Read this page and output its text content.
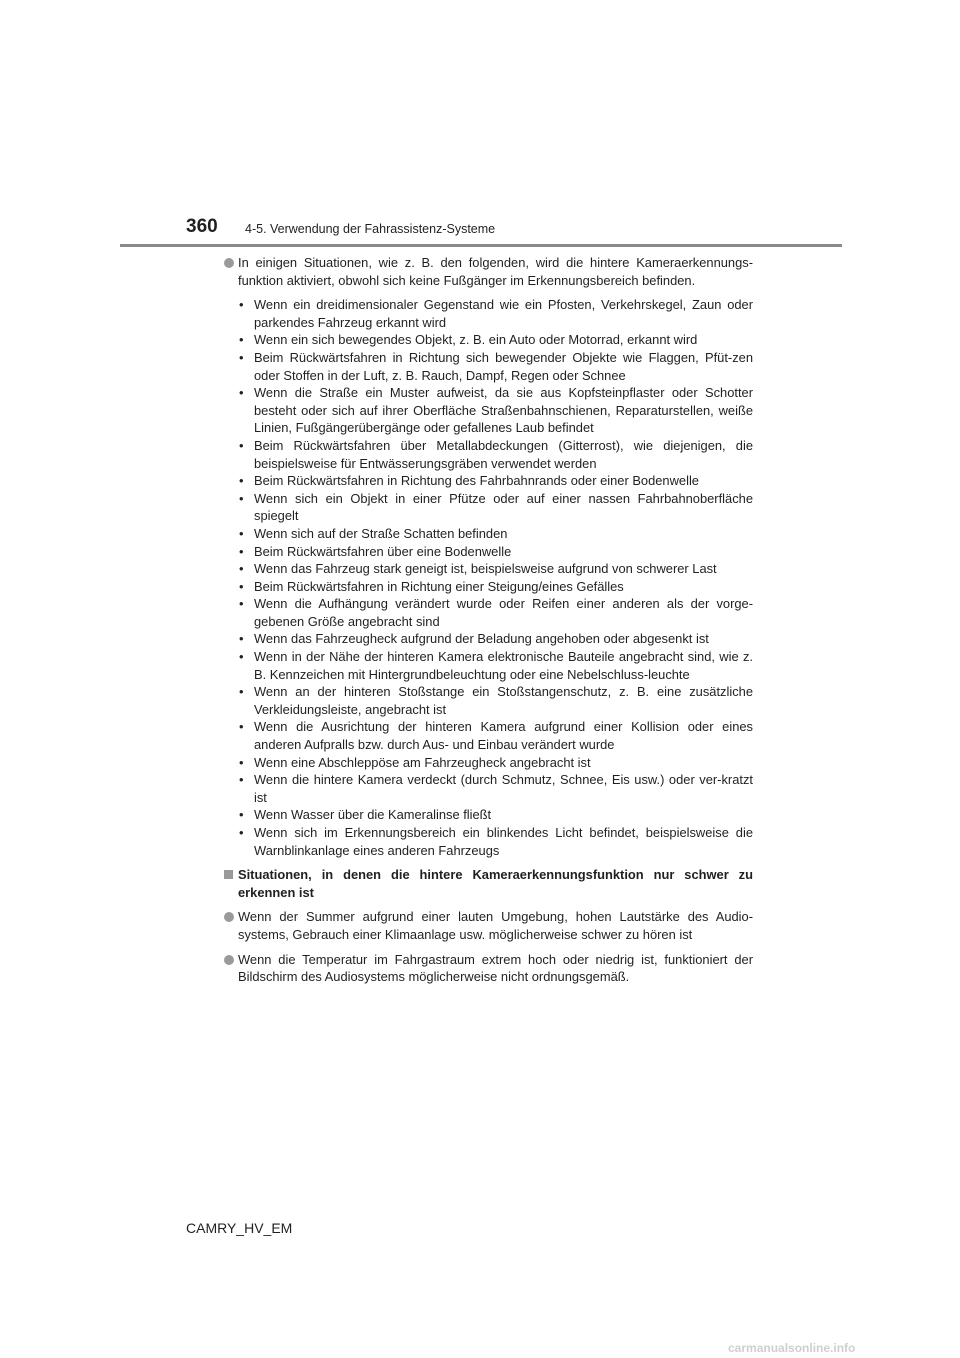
360 4-5. Verwendung der Fahrassistenz-Systeme
In einigen Situationen, wie z. B. den folgenden, wird die hintere Kameraerkennungs-funktion aktiviert, obwohl sich keine Fußgänger im Erkennungsbereich befinden.
• Wenn ein dreidimensionaler Gegenstand wie ein Pfosten, Verkehrskegel, Zaun oder parkendes Fahrzeug erkannt wird
• Wenn ein sich bewegendes Objekt, z. B. ein Auto oder Motorrad, erkannt wird
• Beim Rückwärtsfahren in Richtung sich bewegender Objekte wie Flaggen, Pfüt-zen oder Stoffen in der Luft, z. B. Rauch, Dampf, Regen oder Schnee
• Wenn die Straße ein Muster aufweist, da sie aus Kopfsteinpflaster oder Schotter besteht oder sich auf ihrer Oberfläche Straßenbahnschienen, Reparaturstellen, weiße Linien, Fußgängerübergänge oder gefallenes Laub befindet
• Beim Rückwärtsfahren über Metallabdeckungen (Gitterrost), wie diejenigen, die beispielsweise für Entwässerungsgräben verwendet werden
• Beim Rückwärtsfahren in Richtung des Fahrbahnrands oder einer Bodenwelle
• Wenn sich ein Objekt in einer Pfütze oder auf einer nassen Fahrbahnoberfläche spiegelt
• Wenn sich auf der Straße Schatten befinden
• Beim Rückwärtsfahren über eine Bodenwelle
• Wenn das Fahrzeug stark geneigt ist, beispielsweise aufgrund von schwerer Last
• Beim Rückwärtsfahren in Richtung einer Steigung/eines Gefälles
• Wenn die Aufhängung verändert wurde oder Reifen einer anderen als der vorge-gebenen Größe angebracht sind
• Wenn das Fahrzeugheck aufgrund der Beladung angehoben oder abgesenkt ist
• Wenn in der Nähe der hinteren Kamera elektronische Bauteile angebracht sind, wie z. B. Kennzeichen mit Hintergrundbeleuchtung oder eine Nebelschluss-leuchte
• Wenn an der hinteren Stoßstange ein Stoßstangenschutz, z. B. eine zusätzliche Verkleidungsleiste, angebracht ist
• Wenn die Ausrichtung der hinteren Kamera aufgrund einer Kollision oder eines anderen Aufpralls bzw. durch Aus- und Einbau verändert wurde
• Wenn eine Abschleppöse am Fahrzeugheck angebracht ist
• Wenn die hintere Kamera verdeckt (durch Schmutz, Schnee, Eis usw.) oder ver-kratzt ist
• Wenn Wasser über die Kameralinse fließt
• Wenn sich im Erkennungsbereich ein blinkendes Licht befindet, beispielsweise die Warnblinkanlage eines anderen Fahrzeugs
Situationen, in denen die hintere Kameraerkennungsfunktion nur schwer zu erkennen ist
Wenn der Summer aufgrund einer lauten Umgebung, hohen Lautstärke des Audio-systems, Gebrauch einer Klimaanlage usw. möglicherweise schwer zu hören ist
Wenn die Temperatur im Fahrgastraum extrem hoch oder niedrig ist, funktioniert der Bildschirm des Audiosystems möglicherweise nicht ordnungsgemäß.
CAMRY_HV_EM
carmanualsonline.info
